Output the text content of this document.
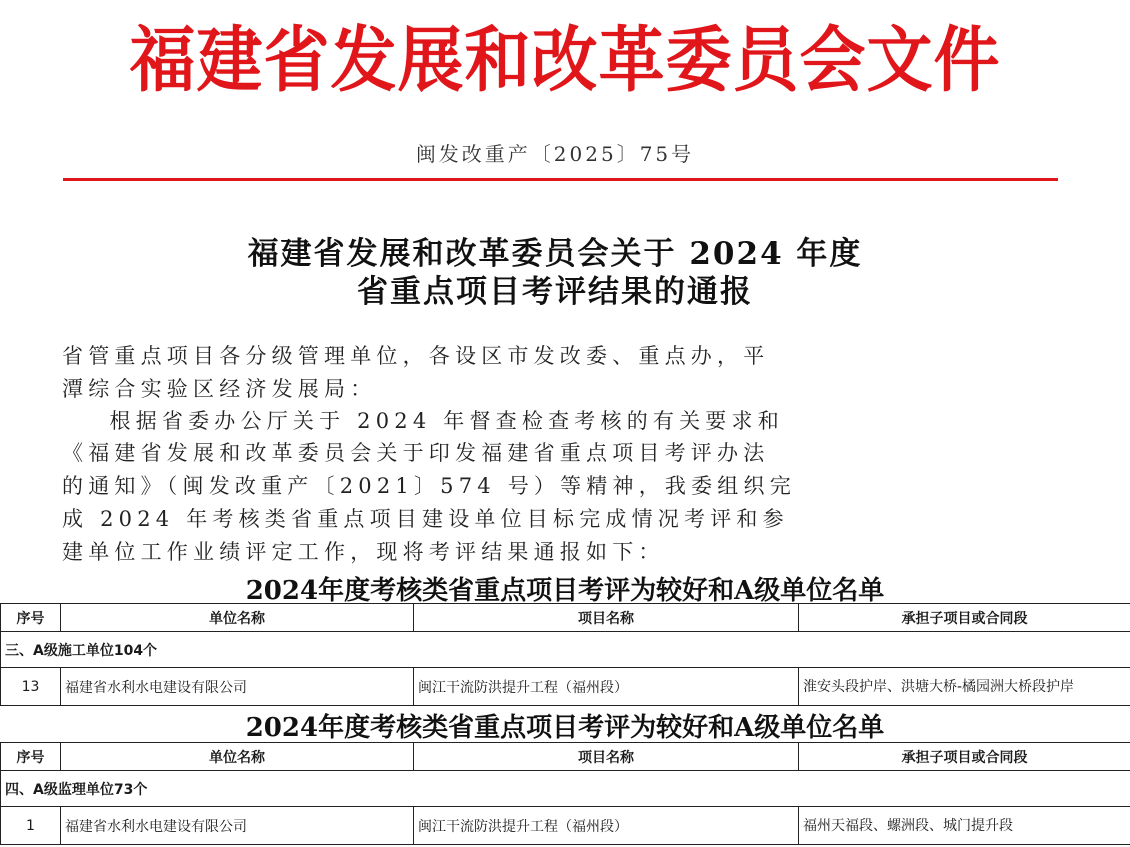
福建省发展和改革委员会文件
闽发改重产〔2025〕75号
福建省发展和改革委员会关于 2024 年度
省重点项目考评结果的通报
省管重点项目各分级管理单位，各设区市发改委、重点办，平
潭综合实验区经济发展局：
根据省委办公厅关于 2024 年督查检查考核的有关要求和
《福建省发展和改革委员会关于印发福建省重点项目考评办法
的通知》（闽发改重产〔2021〕574 号）等精神，我委组织完
成 2024 年考核类省重点项目建设单位目标完成情况考评和参
建单位工作业绩评定工作，现将考评结果通报如下：
2024年度考核类省重点项目考评为较好和A级单位名单
序号	单位名称	项目名称	承担子项目或合同段
三、A级施工单位104个			
13	福建省水利水电建设有限公司	闽江干流防洪提升工程（福州段）	淮安头段护岸、洪塘大桥-橘园洲大桥段护岸
2024年度考核类省重点项目考评为较好和A级单位名单
序号	单位名称	项目名称	承担子项目或合同段
四、A级监理单位73个			
1	福建省水利水电建设有限公司	闽江干流防洪提升工程（福州段）	福州天福段、螺洲段、城门提升段
